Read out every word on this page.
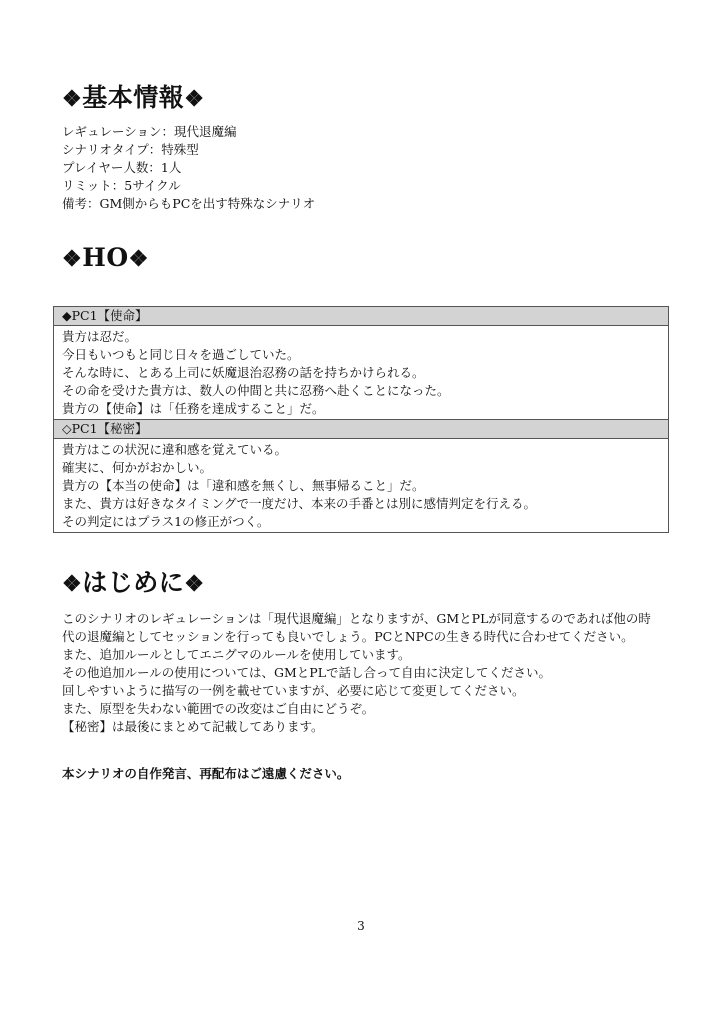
❖基本情報❖
レギュレーション：現代退魔編
シナリオタイプ：特殊型
プレイヤー人数：1人
リミット：5サイクル
備考：GM側からもPCを出す特殊なシナリオ
❖HO❖
◆PC1【使命】
貴方は忍だ。
今日もいつもと同じ日々を過ごしていた。
そんな時に、とある上司に妖魔退治忍務の話を持ちかけられる。
その命を受けた貴方は、数人の仲間と共に忍務へ赴くことになった。
貴方の【使命】は「任務を達成すること」だ。
◇PC1【秘密】
貴方はこの状況に違和感を覚えている。
確実に、何かがおかしい。
貴方の【本当の使命】は「違和感を無くし、無事帰ること」だ。
また、貴方は好きなタイミングで一度だけ、本来の手番とは別に感情判定を行える。
その判定にはプラス1の修正がつく。
❖はじめに❖
このシナリオのレギュレーションは「現代退魔編」となりますが、GMとPLが同意するのであれば他の時代の退魔編としてセッションを行っても良いでしょう。PCとNPCの生きる時代に合わせてください。
また、追加ルールとしてエニグマのルールを使用しています。
その他追加ルールの使用については、GMとPLで話し合って自由に決定してください。
回しやすいように描写の一例を載せていますが、必要に応じて変更してください。
また、原型を失わない範囲での改変はご自由にどうぞ。
【秘密】は最後にまとめて記載してあります。
本シナリオの自作発言、再配布はご遠慮ください。
3
